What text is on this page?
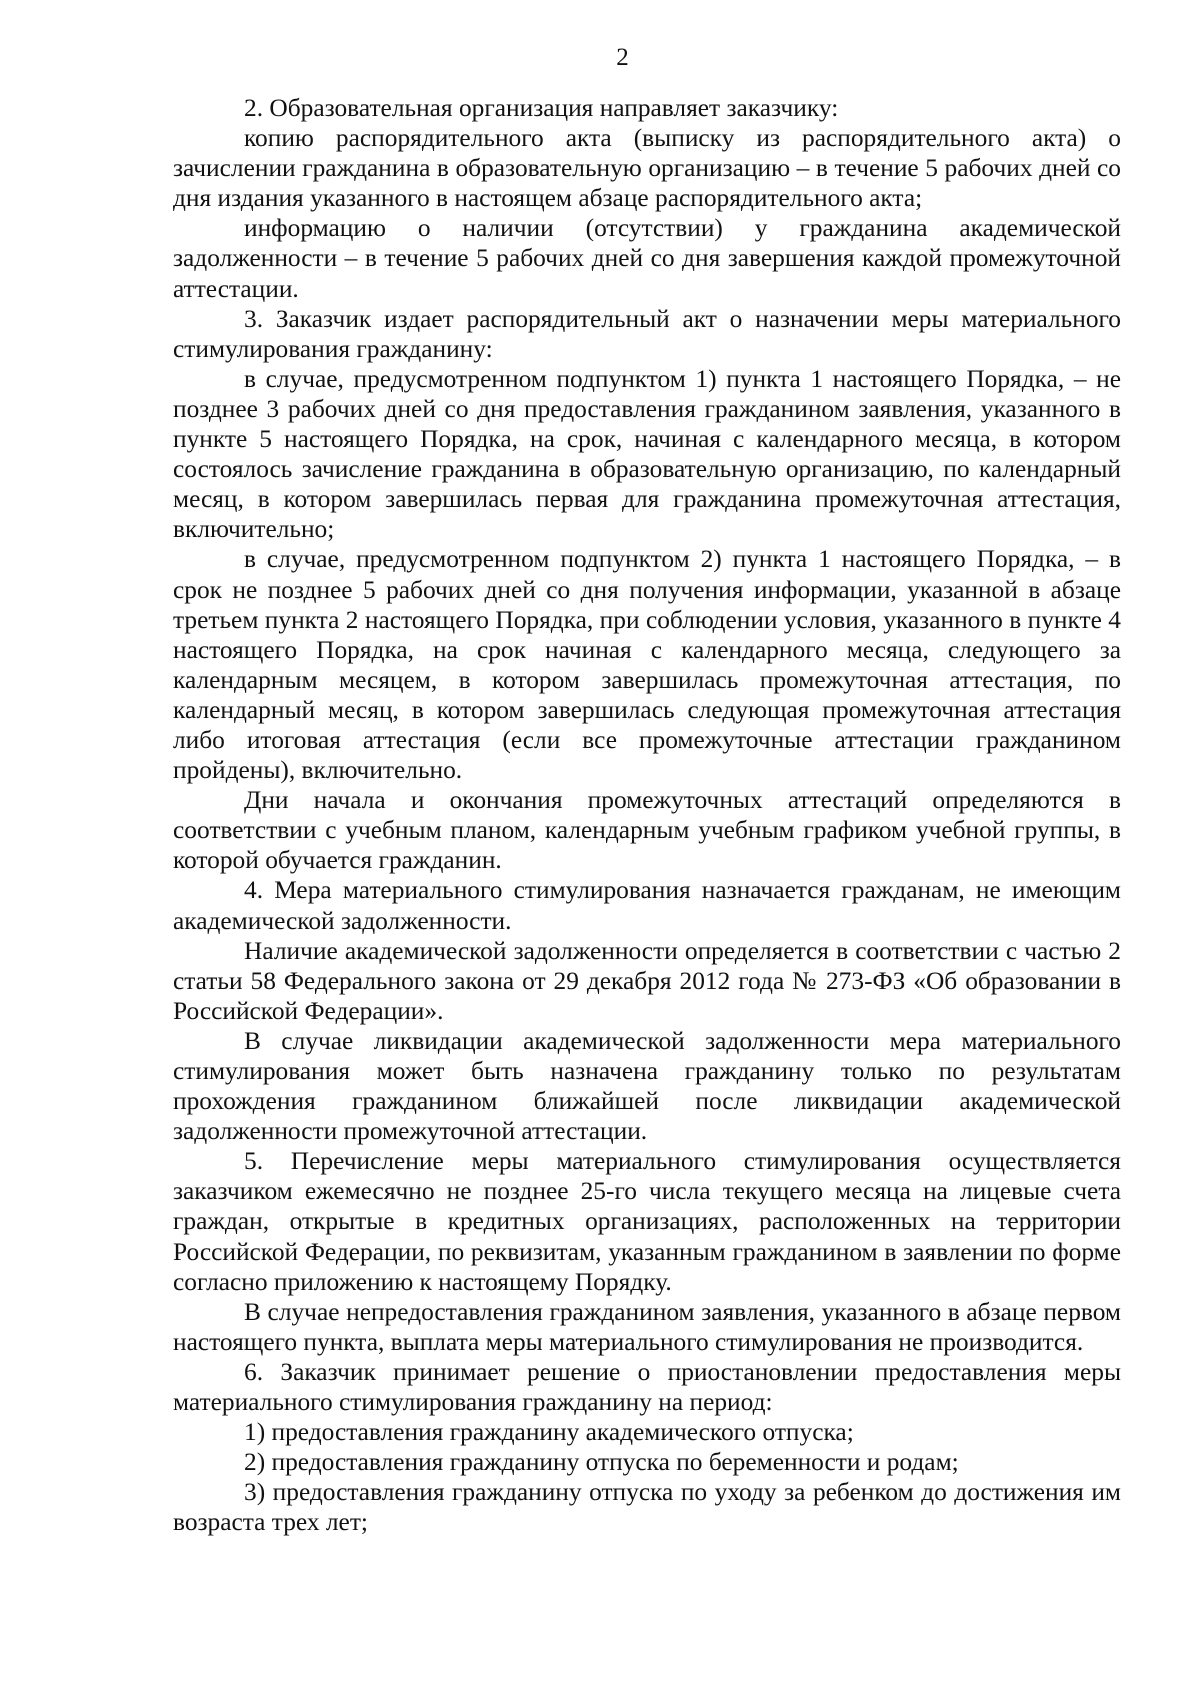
2

2. Образовательная организация направляет заказчику:

копию распорядительного акта (выписку из распорядительного акта) о зачислении гражданина в образовательную организацию – в течение 5 рабочих дней со дня издания указанного в настоящем абзаце распорядительного акта;

информацию о наличии (отсутствии) у гражданина академической задолженности – в течение 5 рабочих дней со дня завершения каждой промежуточной аттестации.

3. Заказчик издает распорядительный акт о назначении меры материального стимулирования гражданину:

в случае, предусмотренном подпунктом 1) пункта 1 настоящего Порядка, – не позднее 3 рабочих дней со дня предоставления гражданином заявления, указанного в пункте 5 настоящего Порядка, на срок, начиная с календарного месяца, в котором состоялось зачисление гражданина в образовательную организацию, по календарный месяц, в котором завершилась первая для гражданина промежуточная аттестация, включительно;

в случае, предусмотренном подпунктом 2) пункта 1 настоящего Порядка, – в срок не позднее 5 рабочих дней со дня получения информации, указанной в абзаце третьем пункта 2 настоящего Порядка, при соблюдении условия, указанного в пункте 4 настоящего Порядка, на срок начиная с календарного месяца, следующего за календарным месяцем, в котором завершилась промежуточная аттестация, по календарный месяц, в котором завершилась следующая промежуточная аттестация либо итоговая аттестация (если все промежуточные аттестации гражданином пройдены), включительно.

Дни начала и окончания промежуточных аттестаций определяются в соответствии с учебным планом, календарным учебным графиком учебной группы, в которой обучается гражданин.

4. Мера материального стимулирования назначается гражданам, не имеющим академической задолженности.

Наличие академической задолженности определяется в соответствии с частью 2 статьи 58 Федерального закона от 29 декабря 2012 года № 273-ФЗ «Об образовании в Российской Федерации».

В случае ликвидации академической задолженности мера материального стимулирования может быть назначена гражданину только по результатам прохождения гражданином ближайшей после ликвидации академической задолженности промежуточной аттестации.

5. Перечисление меры материального стимулирования осуществляется заказчиком ежемесячно не позднее 25-го числа текущего месяца на лицевые счета граждан, открытые в кредитных организациях, расположенных на территории Российской Федерации, по реквизитам, указанным гражданином в заявлении по форме согласно приложению к настоящему Порядку.

В случае непредоставления гражданином заявления, указанного в абзаце первом настоящего пункта, выплата меры материального стимулирования не производится.

6. Заказчик принимает решение о приостановлении предоставления меры материального стимулирования гражданину на период:

1) предоставления гражданину академического отпуска;

2) предоставления гражданину отпуска по беременности и родам;

3) предоставления гражданину отпуска по уходу за ребенком до достижения им возраста трех лет;
